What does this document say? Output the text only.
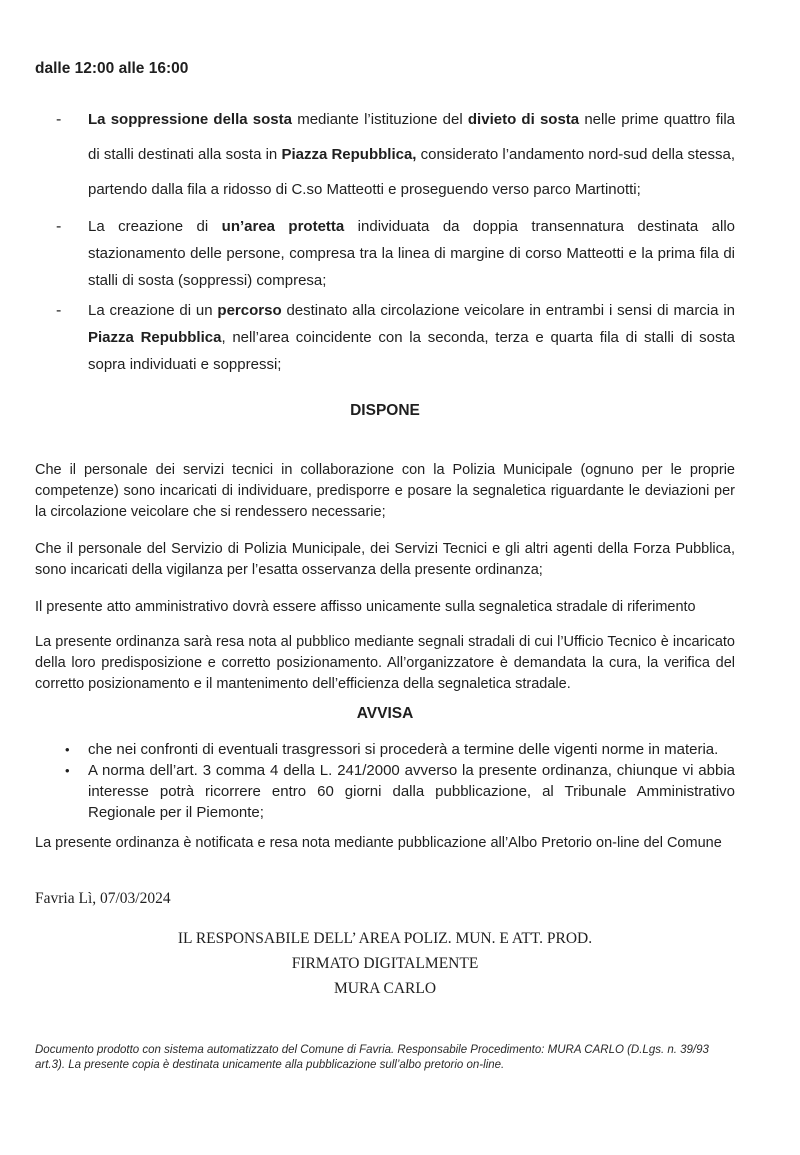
dalle 12:00 alle 16:00

-	La soppressione della sosta mediante l’istituzione del divieto di sosta nelle prime quattro fila di stalli destinati alla sosta in Piazza Repubblica, considerato l’andamento nord-sud della stessa, partendo dalla fila a ridosso di C.so Matteotti e proseguendo verso parco Martinotti;

-	La creazione di un’area protetta individuata da doppia transennatura destinata allo stazionamento delle persone, compresa tra la linea di margine di corso Matteotti e la prima fila di stalli di sosta (soppressi) compresa;

-	La creazione di un percorso destinato alla circolazione veicolare in entrambi i sensi di marcia in Piazza Repubblica, nell’area coincidente con la seconda, terza e quarta fila di stalli di sosta sopra individuati e soppressi;

DISPONE

Che il personale dei servizi tecnici in collaborazione con la Polizia Municipale (ognuno per le proprie competenze) sono incaricati di individuare, predisporre e posare la segnaletica riguardante le deviazioni per la circolazione veicolare che si rendessero necessarie;

Che il personale del Servizio di Polizia Municipale, dei Servizi Tecnici e gli altri agenti della Forza Pubblica, sono incaricati della vigilanza per l’esatta osservanza della presente ordinanza;

Il presente atto amministrativo dovrà essere affisso unicamente sulla segnaletica stradale di riferimento

La presente ordinanza sarà resa nota al pubblico mediante segnali stradali di cui l’Ufficio Tecnico è incaricato della loro predisposizione e corretto posizionamento. All’organizzatore è demandata la cura, la verifica del corretto posizionamento e il mantenimento dell’efficienza della segnaletica stradale.

AVVISA
•	che nei confronti di eventuali trasgressori si procederà a termine delle vigenti norme in materia.

•	A norma dell’art. 3 comma 4 della L. 241/2000 avverso la presente ordinanza, chiunque vi abbia interesse potrà ricorrere entro 60 giorni dalla pubblicazione, al Tribunale Amministrativo Regionale per il Piemonte;

La presente ordinanza è notificata e resa nota mediante pubblicazione all’Albo Pretorio on-line del Comune

Favria Lì, 07/03/2024

IL RESPONSABILE DELL’ AREA POLIZ. MUN. E ATT. PROD.

FIRMATO DIGITALMENTE

MURA CARLO

Documento prodotto con sistema automatizzato del Comune di Favria. Responsabile Procedimento: MURA CARLO (D.Lgs. n. 39/93 art.3). La presente copia è destinata unicamente alla pubblicazione sull’albo pretorio on-line.
